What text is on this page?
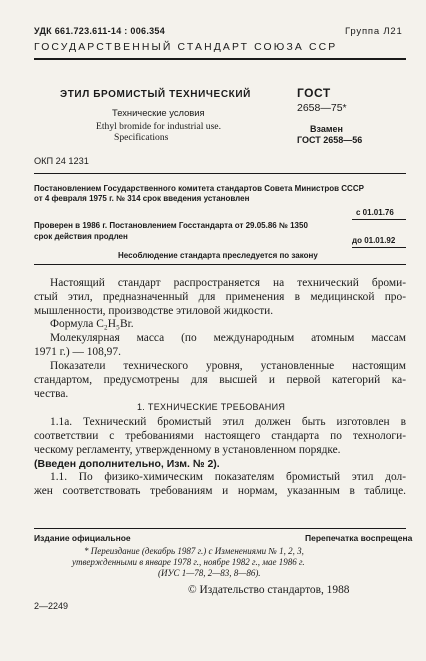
УДК 661.723.611-14 : 006.354	Группа Л21
ГОСУДАРСТВЕННЫЙ СТАНДАРТ СОЮЗА ССР
ЭТИЛ БРОМИСТЫЙ ТЕХНИЧЕСКИЙ
Технические условия
Ethyl bromide for industrial use.
Specifications
ГОСТ
2658—75*
Взамен
ГОСТ 2658—56
ОКП 24 1231
Постановлением Государственного комитета стандартов Совета Министров СССР
от 4 февраля 1975 г. № 314 срок введения установлен
с 01.01.76
Проверен в 1986 г. Постановлением Госстандарта от 29.05.86 № 1350
срок действия продлен	до 01.01.92
Несоблюдение стандарта преследуется по закону
Настоящий стандарт распространяется на технический броми-
стый этил, предназначенный для применения в медицинской про-
мышленности, производстве этиловой жидкости.
Формула C₂H₅Br.
Молекулярная масса (по международным атомным массам
1971 г.) — 108,97.
Показатели технического уровня, установленные настоящим
стандартом, предусмотрены для высшей и первой категорий ка-
чества.
1. ТЕХНИЧЕСКИЕ ТРЕБОВАНИЯ
1.1а. Технический бромистый этил должен быть изготовлен в
соответствии с требованиями настоящего стандарта по технологи-
ческому регламенту, утвержденному в установленном порядке.
(Введен дополнительно, Изм. № 2).
1.1. По физико-химическим показателям бромистый этил дол-
жен соответствовать требованиям и нормам, указанным в таблице.
Издание официальное	Перепечатка воспрещена
* Переиздание (декабрь 1987 г.) с Изменениями № 1, 2, 3,
утвержденными в январе 1978 г., ноябре 1982 г., мае 1986 г.
(ИУС 1—78, 2—83, 8—86).
© Издательство стандартов, 1988
2—2249
